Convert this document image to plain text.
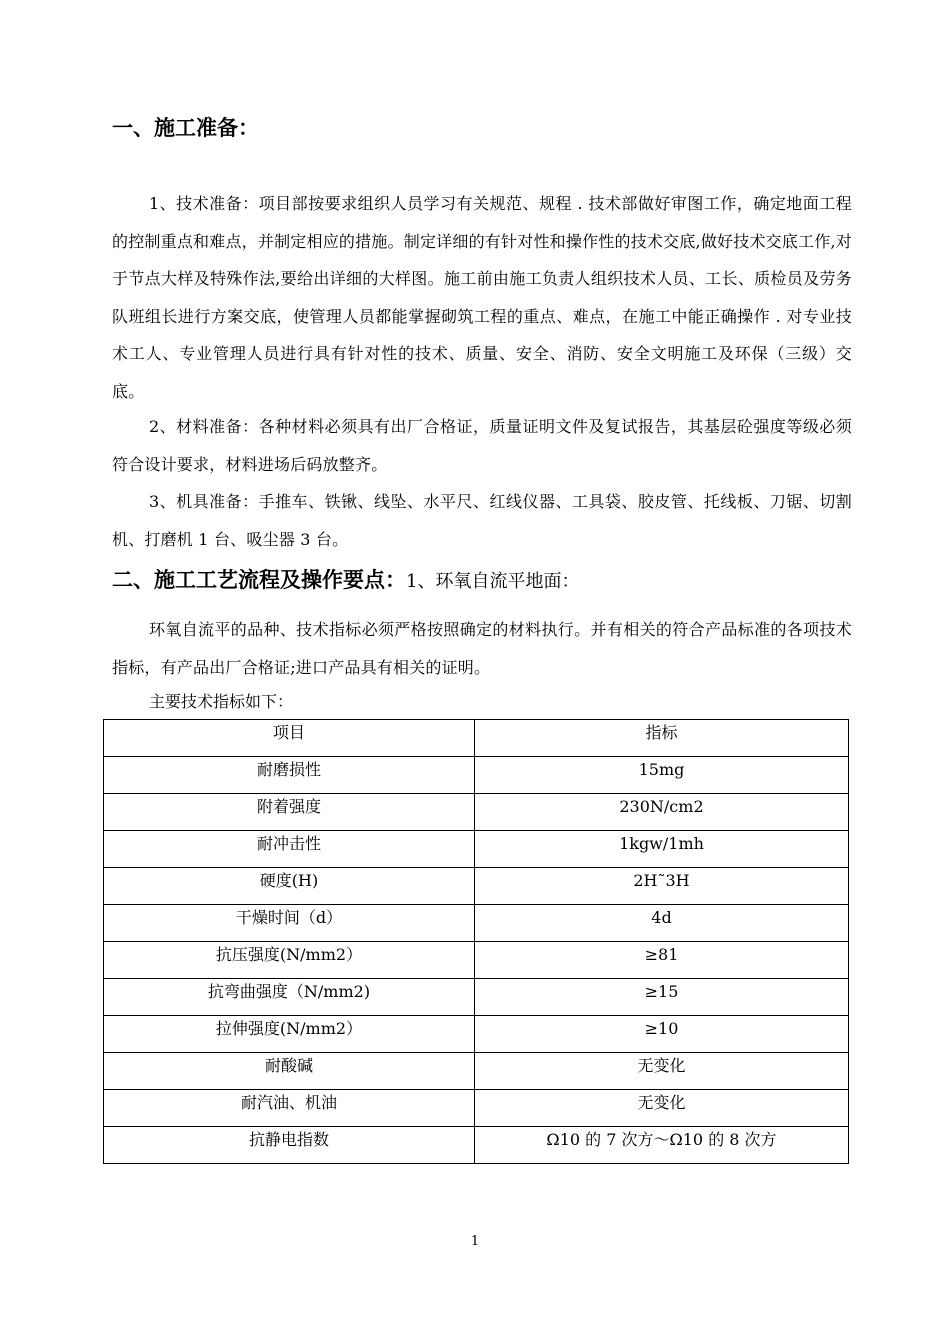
一、施工准备：
1、技术准备：项目部按要求组织人员学习有关规范、规程 . 技术部做好审图工作，确定地面工程的控制重点和难点，并制定相应的措施。制定详细的有针对性和操作性的技术交底,做好技术交底工作,对于节点大样及特殊作法,要给出详细的大样图。施工前由施工负责人组织技术人员、工长、质检员及劳务队班组长进行方案交底，使管理人员都能掌握砌筑工程的重点、难点，在施工中能正确操作 . 对专业技术工人、专业管理人员进行具有针对性的技术、质量、安全、消防、安全文明施工及环保（三级）交底。
2、材料准备：各种材料必须具有出厂合格证，质量证明文件及复试报告，其基层砼强度等级必须符合设计要求，材料进场后码放整齐。
3、机具准备：手推车、铁锹、线坠、水平尺、红线仪器、工具袋、胶皮管、托线板、刀锯、切割机、打磨机 1 台、吸尘器 3 台。
二、施工工艺流程及操作要点：1、环氧自流平地面：
环氧自流平的品种、技术指标必须严格按照确定的材料执行。并有相关的符合产品标准的各项技术指标，有产品出厂合格证;进口产品具有相关的证明。
主要技术指标如下：
项目	指标
耐磨损性	15mg
附着强度	230N/cm2
耐冲击性	1kgw/1mh
硬度(H)	2H˜3H
干燥时间（d）	4d
抗压强度(N/mm2）	≥81
抗弯曲强度（N/mm2)	≥15
拉伸强度(N/mm2）	≥10
耐酸碱	无变化
耐汽油、机油	无变化
抗静电指数	Ω10 的 7 次方～Ω10 的 8 次方
1
